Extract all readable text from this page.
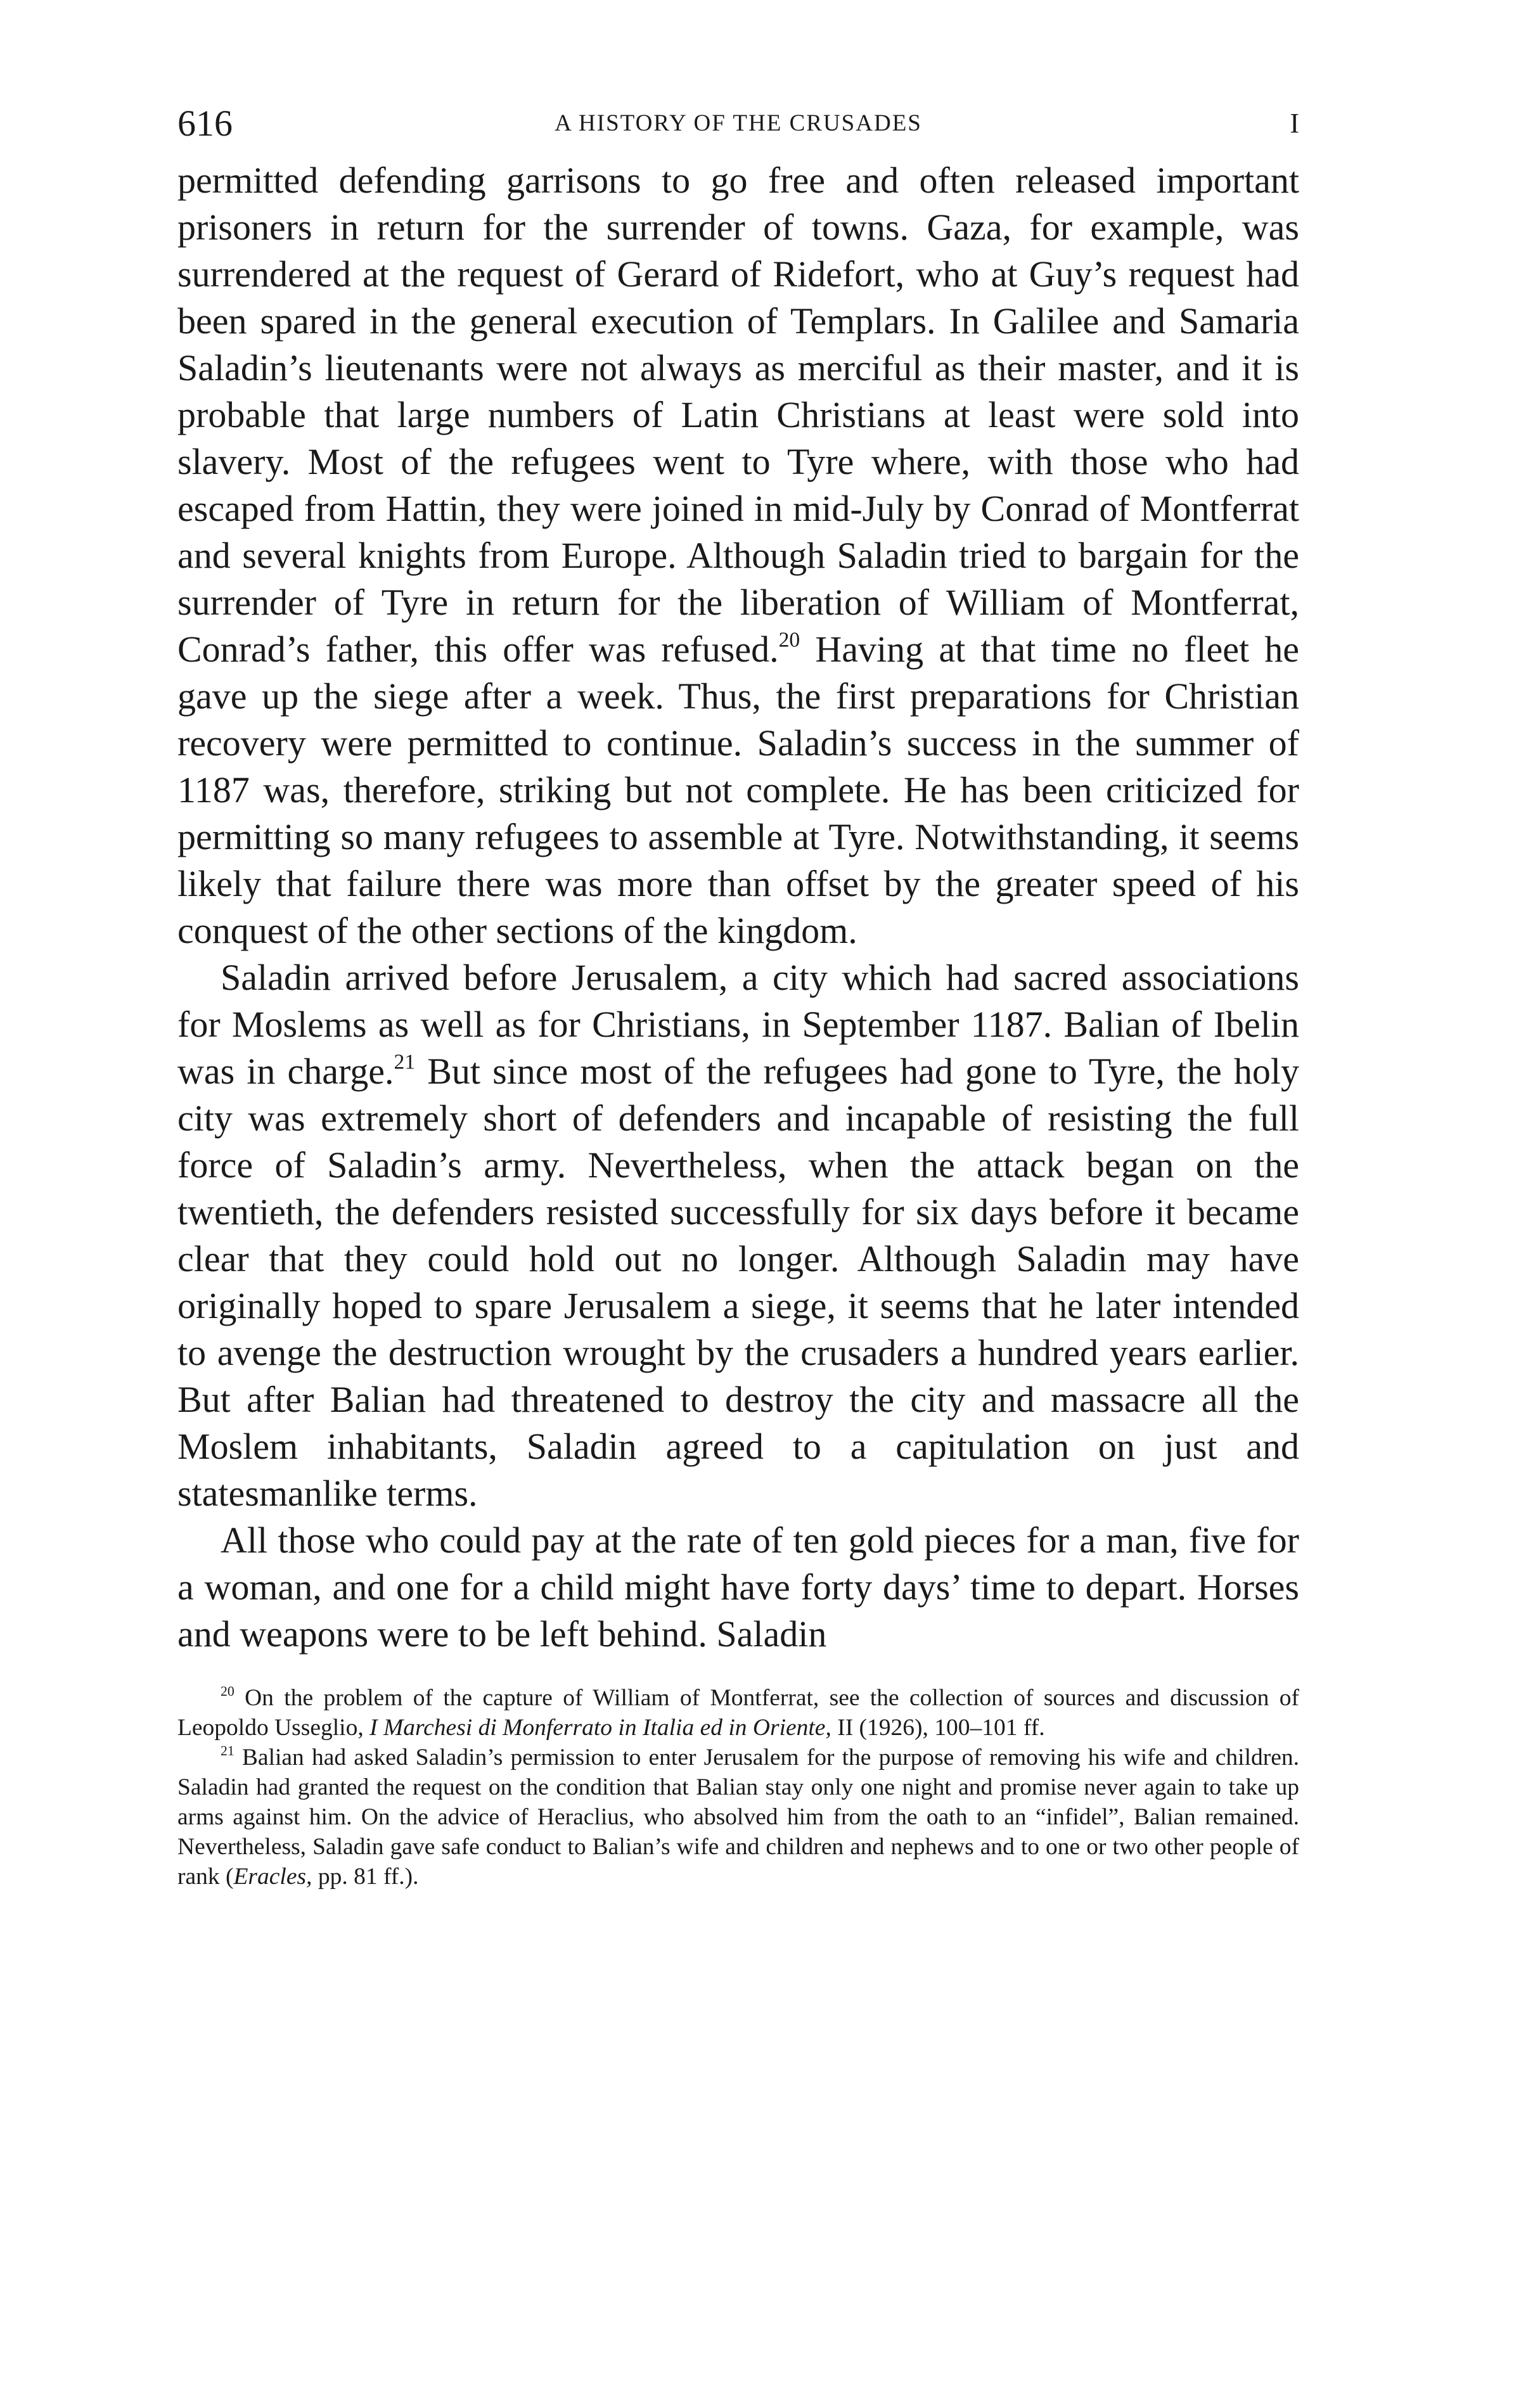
616	A HISTORY OF THE CRUSADES	I

permitted defending garrisons to go free and often released important prisoners in return for the surrender of towns. Gaza, for example, was surrendered at the request of Gerard of Ridefort, who at Guy’s request had been spared in the general execution of Templars. In Galilee and Samaria Saladin’s lieutenants were not always as merciful as their master, and it is probable that large numbers of Latin Christians at least were sold into slavery. Most of the refugees went to Tyre where, with those who had escaped from Hattin, they were joined in mid-July by Conrad of Montferrat and several knights from Europe. Although Saladin tried to bargain for the surrender of Tyre in return for the liberation of William of Montferrat, Conrad’s father, this offer was refused.$^{20}$ Having at that time no fleet he gave up the siege after a week. Thus, the first preparations for Christian recovery were permitted to continue. Saladin’s success in the summer of 1187 was, therefore, striking but not complete. He has been criticized for permitting so many refugees to assemble at Tyre. Notwithstanding, it seems likely that failure there was more than offset by the greater speed of his conquest of the other sections of the kingdom.

Saladin arrived before Jerusalem, a city which had sacred associations for Moslems as well as for Christians, in September 1187. Balian of Ibelin was in charge.$^{21}$ But since most of the refugees had gone to Tyre, the holy city was extremely short of defenders and incapable of resisting the full force of Saladin’s army. Nevertheless, when the attack began on the twentieth, the defenders resisted successfully for six days before it became clear that they could hold out no longer. Although Saladin may have originally hoped to spare Jerusalem a siege, it seems that he later intended to avenge the destruction wrought by the crusaders a hundred years earlier. But after Balian had threatened to destroy the city and massacre all the Moslem inhabitants, Saladin agreed to a capitulation on just and statesmanlike terms.

All those who could pay at the rate of ten gold pieces for a man, five for a woman, and one for a child might have forty days’ time to depart. Horses and weapons were to be left behind. Saladin

$^{20}$ On the problem of the capture of William of Montferrat, see the collection of sources and discussion of Leopoldo Usseglio, I Marchesi di Monferrato in Italia ed in Oriente, II (1926), 100–101 ff.

$^{21}$ Balian had asked Saladin’s permission to enter Jerusalem for the purpose of removing his wife and children. Saladin had granted the request on the condition that Balian stay only one night and promise never again to take up arms against him. On the advice of Heraclius, who absolved him from the oath to an “infidel”, Balian remained. Nevertheless, Saladin gave safe conduct to Balian’s wife and children and nephews and to one or two other people of rank (Eracles, pp. 81 ff.).
